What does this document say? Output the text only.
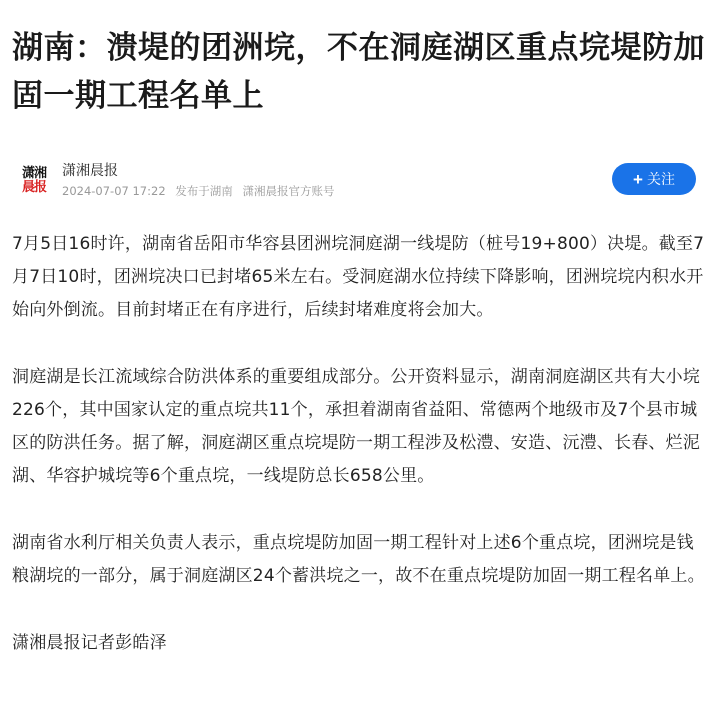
湖南：溃堤的团洲垸，不在洞庭湖区重点垸堤防加固一期工程名单上
潇湘
晨报
潇湘晨报
2024-07-07 17:22 发布于湖南 潇湘晨报官方账号
+ 关注

7月5日16时许，湖南省岳阳市华容县团洲垸洞庭湖一线堤防（桩号19+800）决堤。截至7月7日10时，团洲垸决口已封堵65米左右。受洞庭湖水位持续下降影响，团洲垸垸内积水开始向外倒流。目前封堵正在有序进行，后续封堵难度将会加大。

洞庭湖是长江流域综合防洪体系的重要组成部分。公开资料显示，湖南洞庭湖区共有大小垸226个，其中国家认定的重点垸共11个，承担着湖南省益阳、常德两个地级市及7个县市城区的防洪任务。据了解，洞庭湖区重点垸堤防一期工程涉及松澧、安造、沅澧、长春、烂泥湖、华容护城垸等6个重点垸，一线堤防总长658公里。

湖南省水利厅相关负责人表示，重点垸堤防加固一期工程针对上述6个重点垸，团洲垸是钱粮湖垸的一部分，属于洞庭湖区24个蓄洪垸之一，故不在重点垸堤防加固一期工程名单上。

潇湘晨报记者彭皓泽
